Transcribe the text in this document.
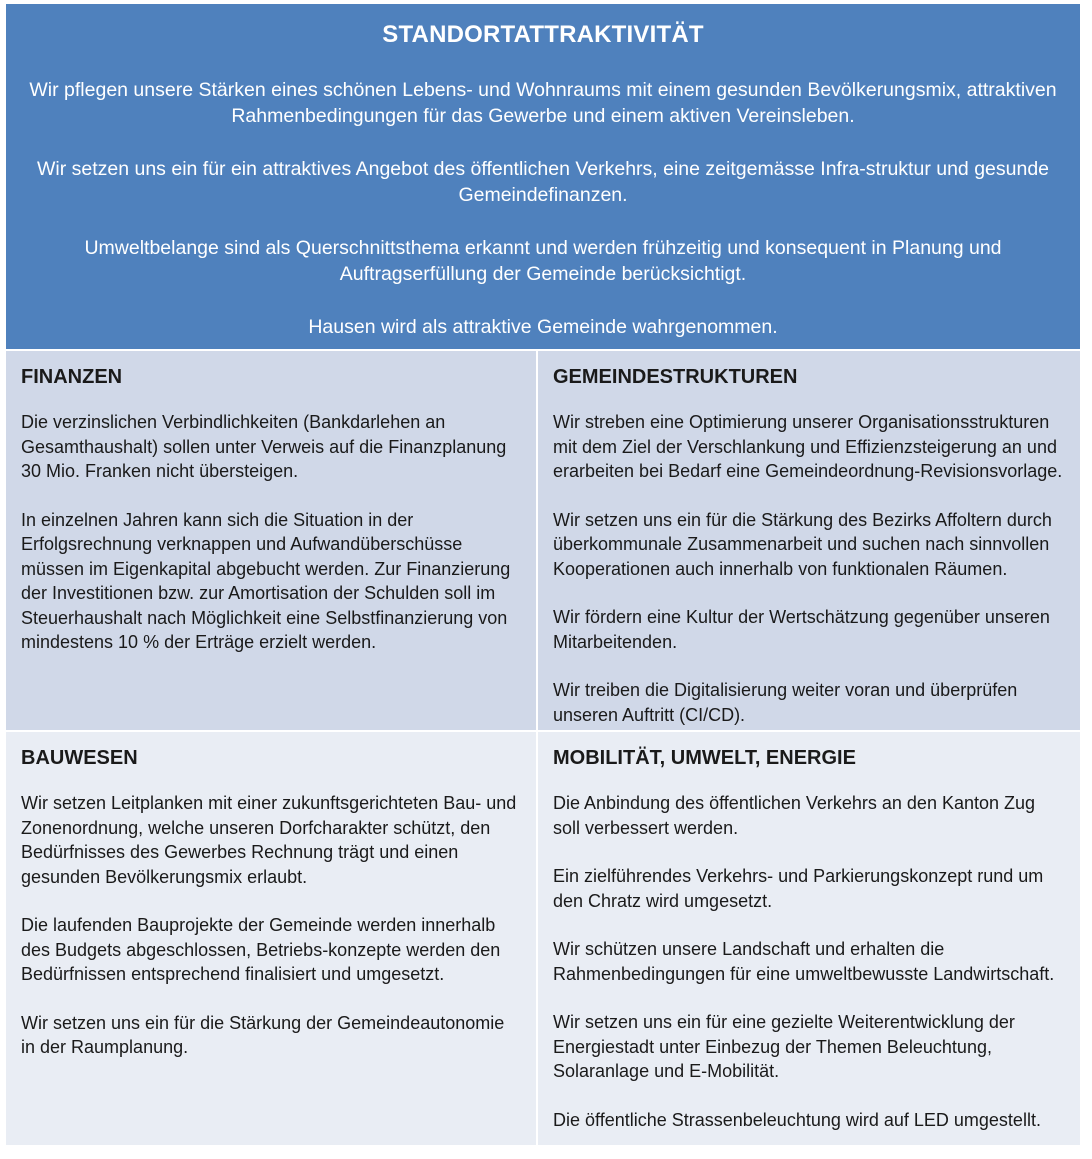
STANDORTATTRAKTIVITÄT

Wir pflegen unsere Stärken eines schönen Lebens- und Wohnraums mit einem gesunden Bevölkerungsmix, attraktiven Rahmenbedingungen für das Gewerbe und einem aktiven Vereinsleben.

Wir setzen uns ein für ein attraktives Angebot des öffentlichen Verkehrs, eine zeitgemässe Infra-struktur und gesunde Gemeindefinanzen.

Umweltbelange sind als Querschnittsthema erkannt und werden frühzeitig und konsequent in Planung und Auftragserfüllung der Gemeinde berücksichtigt.

Hausen wird als attraktive Gemeinde wahrgenommen.

FINANZEN

Die verzinslichen Verbindlichkeiten (Bankdarlehen an Gesamthaushalt) sollen unter Verweis auf die Finanzplanung 30 Mio. Franken nicht übersteigen.

In einzelnen Jahren kann sich die Situation in der Erfolgsrechnung verknappen und Aufwandüberschüsse müssen im Eigenkapital abgebucht werden. Zur Finanzierung der Investitionen bzw. zur Amortisation der Schulden soll im Steuerhaushalt nach Möglichkeit eine Selbstfinanzierung von mindestens 10 % der Erträge erzielt werden.

GEMEINDESTRUKTUREN

Wir streben eine Optimierung unserer Organisationsstrukturen mit dem Ziel der Verschlankung und Effizienzsteigerung an und erarbeiten bei Bedarf eine Gemeindeordnung-Revisionsvorlage.

Wir setzen uns ein für die Stärkung des Bezirks Affoltern durch überkommunale Zusammenarbeit und suchen nach sinnvollen Kooperationen auch innerhalb von funktionalen Räumen.

Wir fördern eine Kultur der Wertschätzung gegenüber unseren Mitarbeitenden.

Wir treiben die Digitalisierung weiter voran und überprüfen unseren Auftritt (CI/CD).

BAUWESEN

Wir setzen Leitplanken mit einer zukunftsgerichteten Bau- und Zonenordnung, welche unseren Dorfcharakter schützt, den Bedürfnisses des Gewerbes Rechnung trägt und einen gesunden Bevölkerungsmix erlaubt.

Die laufenden Bauprojekte der Gemeinde werden innerhalb des Budgets abgeschlossen, Betriebs-konzepte werden den Bedürfnissen entsprechend finalisiert und umgesetzt.

Wir setzen uns ein für die Stärkung der Gemeindeautonomie in der Raumplanung.

MOBILITÄT, UMWELT, ENERGIE

Die Anbindung des öffentlichen Verkehrs an den Kanton Zug soll verbessert werden.

Ein zielführendes Verkehrs- und Parkierungskonzept rund um den Chratz wird umgesetzt.

Wir schützen unsere Landschaft und erhalten die Rahmenbedingungen für eine umweltbewusste Landwirtschaft.

Wir setzen uns ein für eine gezielte Weiterentwicklung der Energiestadt unter Einbezug der Themen Beleuchtung, Solaranlage und E-Mobilität.

Die öffentliche Strassenbeleuchtung wird auf LED umgestellt.
